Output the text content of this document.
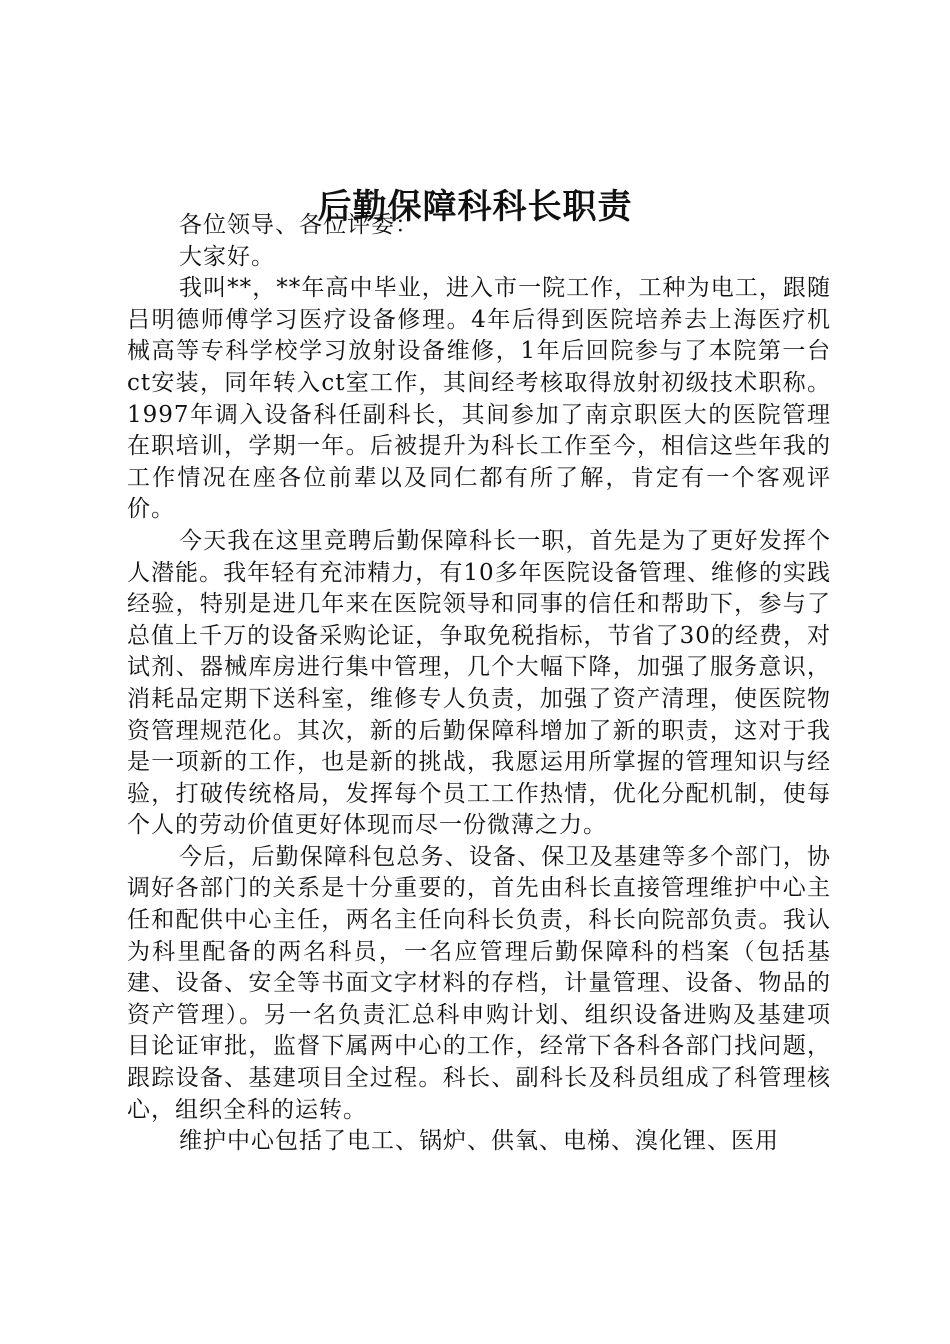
后勤保障科科长职责

各位领导、各位评委：

大家好。

我叫**，**年高中毕业，进入市一院工作，工种为电工，跟随吕明德师傅学习医疗设备修理。4年后得到医院培养去上海医疗机械高等专科学校学习放射设备维修，1年后回院参与了本院第一台ct安装，同年转入ct室工作，其间经考核取得放射初级技术职称。1997年调入设备科任副科长，其间参加了南京职医大的医院管理在职培训，学期一年。后被提升为科长工作至今，相信这些年我的工作情况在座各位前辈以及同仁都有所了解，肯定有一个客观评价。

今天我在这里竞聘后勤保障科长一职，首先是为了更好发挥个人潜能。我年轻有充沛精力，有10多年医院设备管理、维修的实践经验，特别是进几年来在医院领导和同事的信任和帮助下，参与了总值上千万的设备采购论证，争取免税指标，节省了30的经费，对试剂、器械库房进行集中管理，几个大幅下降，加强了服务意识，消耗品定期下送科室，维修专人负责，加强了资产清理，使医院物资管理规范化。其次，新的后勤保障科增加了新的职责，这对于我是一项新的工作，也是新的挑战，我愿运用所掌握的管理知识与经验，打破传统格局，发挥每个员工工作热情，优化分配机制，使每个人的劳动价值更好体现而尽一份微薄之力。

今后，后勤保障科包总务、设备、保卫及基建等多个部门，协调好各部门的关系是十分重要的，首先由科长直接管理维护中心主任和配供中心主任，两名主任向科长负责，科长向院部负责。我认为科里配备的两名科员，一名应管理后勤保障科的档案（包括基建、设备、安全等书面文字材料的存档，计量管理、设备、物品的资产管理）。另一名负责汇总科申购计划、组织设备进购及基建项目论证审批，监督下属两中心的工作，经常下各科各部门找问题，跟踪设备、基建项目全过程。科长、副科长及科员组成了科管理核心，组织全科的运转。

维护中心包括了电工、锅炉、供氧、电梯、溴化锂、医用
